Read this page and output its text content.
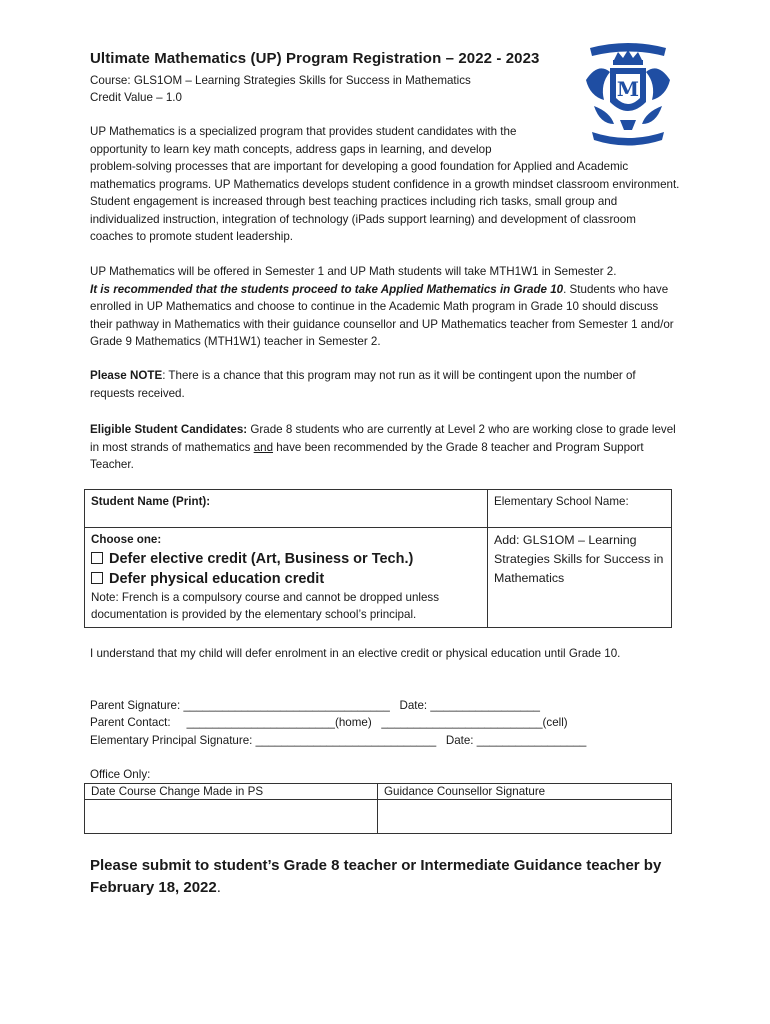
Ultimate Mathematics (UP) Program Registration – 2022 - 2023
Course: GLS1OM – Learning Strategies Skills for Success in Mathematics
Credit Value – 1.0	M
UP Mathematics is a specialized program that provides student candidates with the opportunity to learn key math concepts, address gaps in learning, and develop
problem-solving processes that are important for developing a good foundation for Applied and Academic mathematics programs. UP Mathematics develops student confidence in a growth mindset classroom environment. Student engagement is increased through best teaching practices including rich tasks, small group and individualized instruction, integration of technology (iPads support learning) and development of classroom coaches to promote student leadership.
UP Mathematics will be offered in Semester 1 and UP Math students will take MTH1W1 in Semester 2.
It is recommended that the students proceed to take Applied Mathematics in Grade 10. Students who have enrolled in UP Mathematics and choose to continue in the Academic Math program in Grade 10 should discuss their pathway in Mathematics with their guidance counsellor and UP Mathematics teacher from Semester 1 and/or Grade 9 Mathematics (MTH1W1) teacher in Semester 2.
Please NOTE: There is a chance that this program may not run as it will be contingent upon the number of requests received.
Eligible Student Candidates: Grade 8 students who are currently at Level 2 who are working close to grade level in most strands of mathematics and have been recommended by the Grade 8 teacher and Program Support Teacher.
Student Name (Print):	Elementary School Name:
Choose one:

Defer elective credit (Art, Business or Tech.)
Defer physical education credit
Note: French is a compulsory course and cannot be dropped unless documentation is provided by the elementary school’s principal.	Add: GLS1OM – Learning Strategies Skills for Success in Mathematics
I understand that my child will defer enrolment in an elective credit or physical education until Grade 10.
Parent Signature: ________________________________   Date: _________________
Parent Contact:     _______________________(home)   _________________________(cell)
Elementary Principal Signature: ____________________________   Date: _________________
Office Only:
Date Course Change Made in PS	Guidance Counsellor Signature

Please submit to student’s Grade 8 teacher or Intermediate Guidance teacher by February 18, 2022.
